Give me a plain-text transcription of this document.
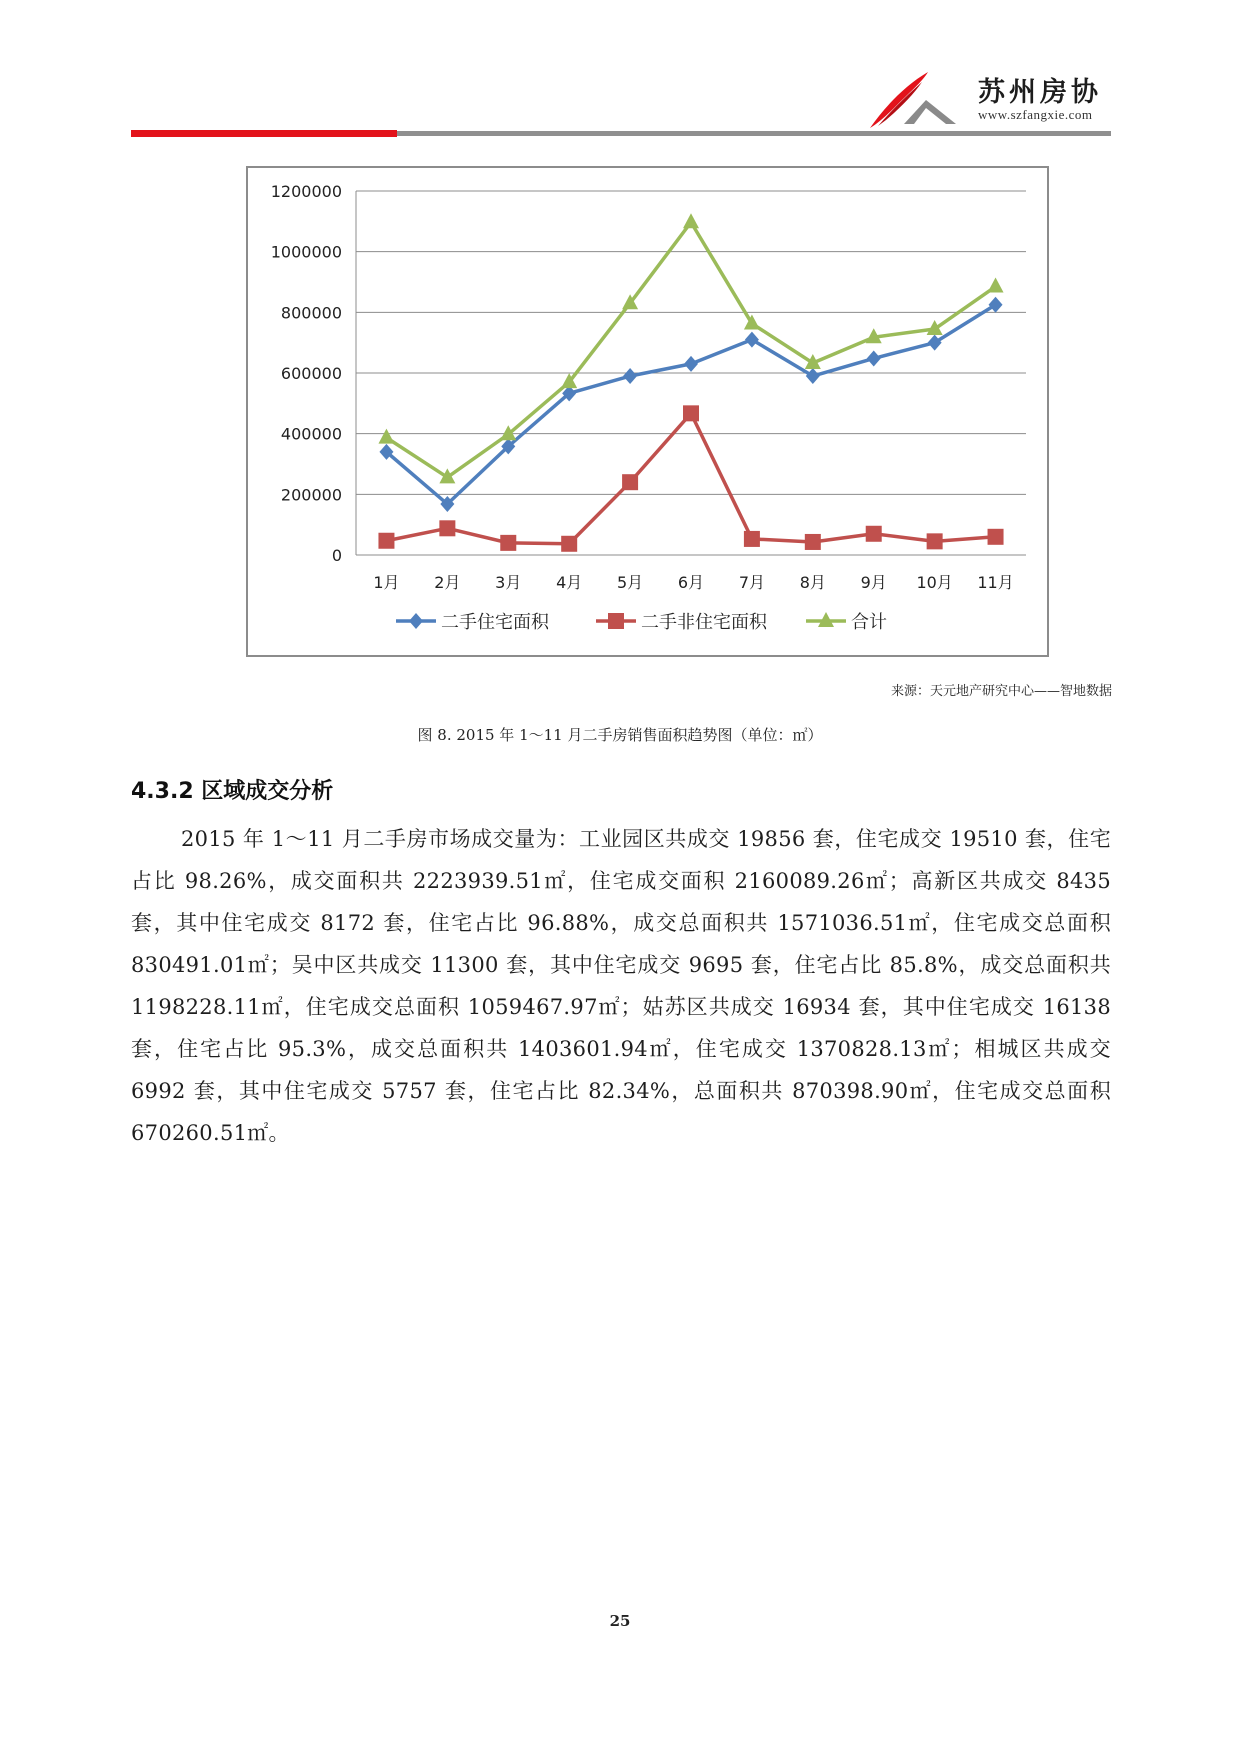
苏州房协
www.szfangxie.com
0
200000
400000
600000
800000
1000000
1200000
1月 2月 3月 4月 5月 6月 7月 8月 9月 10月 11月
二手住宅面积	二手非住宅面积	合计
来源：天元地产研究中心——智地数据
图 8. 2015 年 1～11 月二手房销售面积趋势图（单位：㎡）
4.3.2 区域成交分析
2015 年 1～11 月二手房市场成交量为：工业园区共成交 19856 套，住宅成交 19510 套，住宅占比 98.26%，成交面积共 2223939.51㎡，住宅成交面积 2160089.26㎡；高新区共成交 8435 套，其中住宅成交 8172 套，住宅占比 96.88%，成交总面积共 1571036.51㎡，住宅成交总面积 830491.01㎡；吴中区共成交 11300 套，其中住宅成交 9695 套，住宅占比 85.8%，成交总面积共 1198228.11㎡，住宅成交总面积 1059467.97㎡；姑苏区共成交 16934 套，其中住宅成交 16138 套，住宅占比 95.3%，成交总面积共 1403601.94㎡，住宅成交 1370828.13㎡；相城区共成交 6992 套，其中住宅成交 5757 套，住宅占比 82.34%，总面积共 870398.90㎡，住宅成交总面积 670260.51㎡。
25
